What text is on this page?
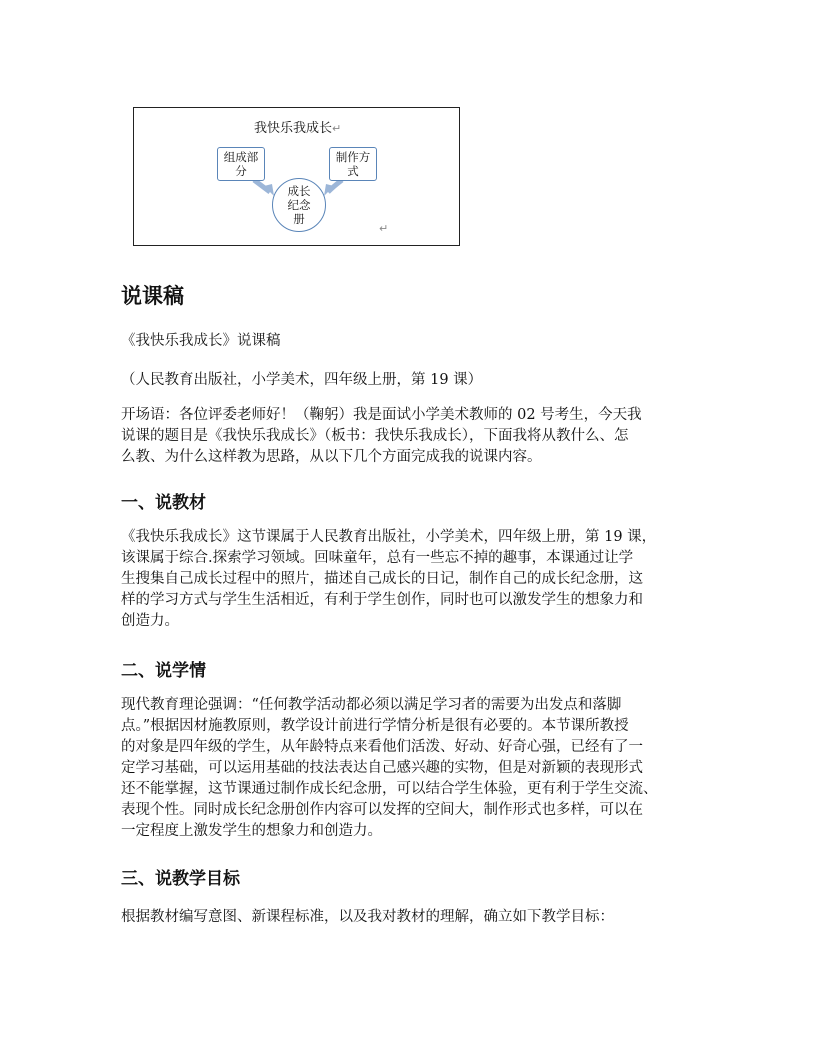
我快乐我成长↵
组成部分
制作方式
成长纪念册
↵
说课稿

《我快乐我成长》说课稿

（人民教育出版社，小学美术，四年级上册，第 19 课）

开场语：各位评委老师好！（鞠躬）我是面试小学美术教师的 02 号考生，今天我
说课的题目是《我快乐我成长》（板书：我快乐我成长），下面我将从教什么、怎
么教、为什么这样教为思路，从以下几个方面完成我的说课内容。
一、说教材
《我快乐我成长》这节课属于人民教育出版社，小学美术，四年级上册，第 19 课，
该课属于综合.探索学习领域。回味童年，总有一些忘不掉的趣事，本课通过让学
生搜集自己成长过程中的照片，描述自己成长的日记，制作自己的成长纪念册，这
样的学习方式与学生生活相近，有利于学生创作，同时也可以激发学生的想象力和
创造力。
二、说学情
现代教育理论强调：“任何教学活动都必须以满足学习者的需要为出发点和落脚
点。”根据因材施教原则，教学设计前进行学情分析是很有必要的。本节课所教授
的对象是四年级的学生，从年龄特点来看他们活泼、好动、好奇心强，已经有了一
定学习基础，可以运用基础的技法表达自己感兴趣的实物，但是对新颖的表现形式
还不能掌握，这节课通过制作成长纪念册，可以结合学生体验，更有利于学生交流、
表现个性。同时成长纪念册创作内容可以发挥的空间大，制作形式也多样，可以在
一定程度上激发学生的想象力和创造力。
三、说教学目标
根据教材编写意图、新课程标准，以及我对教材的理解，确立如下教学目标：
